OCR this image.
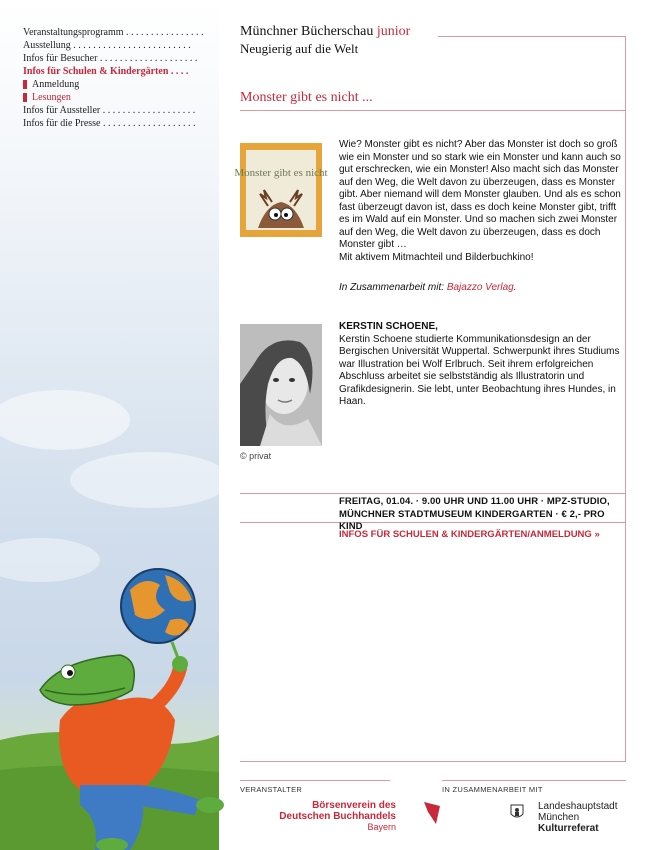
Veranstaltungsprogramm . . . . . . . . . . . . . . . .
Ausstellung . . . . . . . . . . . . . . . . . . . . . . . .
Infos für Besucher . . . . . . . . . . . . . . . . . . . .
Infos für Schulen & Kindergärten . . . .
Anmeldung
Lesungen
Infos für Aussteller . . . . . . . . . . . . . . . . . . .
Infos für die Presse . . . . . . . . . . . . . . . . . . .
Münchner Bücherschau junior
Neugierig auf die Welt
Monster gibt es nicht ...
Monster gibt es nicht

Wie? Monster gibt es nicht? Aber das Monster ist doch so groß wie ein Monster und so stark wie ein Monster und kann auch so gut erschrecken, wie ein Monster! Also macht sich das Monster auf den Weg, die Welt davon zu überzeugen, dass es Monster gibt. Aber niemand will dem Monster glauben. Und als es schon fast überzeugt davon ist, dass es doch keine Monster gibt, trifft es im Wald auf ein Monster. Und so machen sich zwei Monster auf den Weg, die Welt davon zu überzeugen, dass es doch Monster gibt …

Mit aktivem Mitmachteil und Bilderbuchkino!

In Zusammenarbeit mit: Bajazzo Verlag.
© privat
KERSTIN SCHOENE,
Kerstin Schoene studierte Kommunikationsdesign an der Bergischen Universität Wuppertal. Schwerpunkt ihres Studiums war Illustration bei Wolf Erlbruch. Seit ihrem erfolgreichen Abschluss arbeitet sie selbstständig als Illustratorin und Grafikdesignerin. Sie lebt, unter Beobachtung ihres Hundes, in Haan.
FREITAG, 01.04. · 9.00 UHR UND 11.00 UHR · MPZ-STUDIO,
MÜNCHNER STADTMUSEUM KINDERGARTEN · € 2,- PRO KIND
INFOS FÜR SCHULEN & KINDERGÄRTEN/ANMELDUNG »
VERANSTALTER	IN ZUSAMMENARBEIT MIT
Börsenverein des
Deutschen Buchhandels
Bayern
Landeshauptstadt
München
Kulturreferat
